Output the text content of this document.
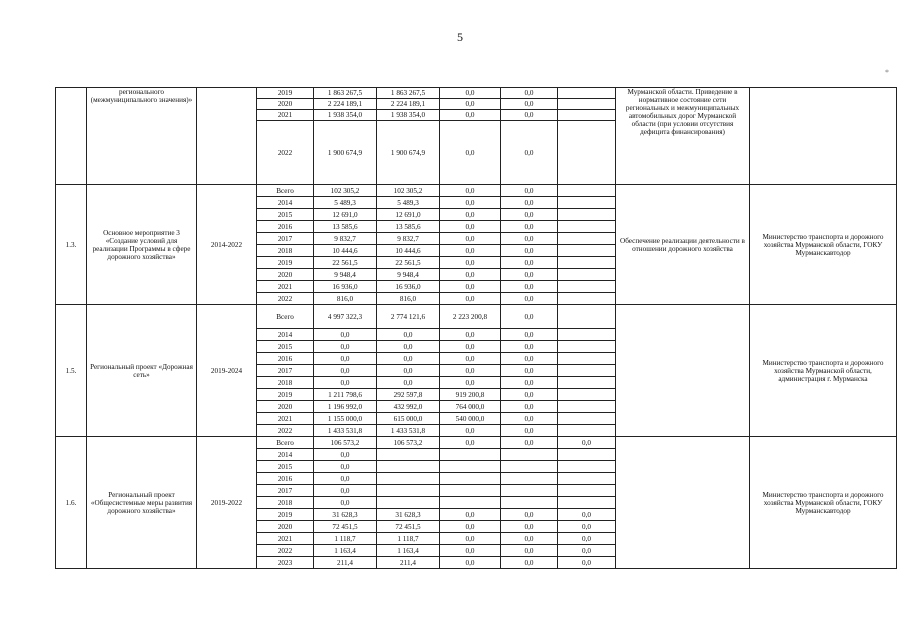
5
*
	регионального (межмуниципального значения)»		2019	1 863 267,5	1 863 267,5	0,0	0,0		Мурманской области. Приведение в нормативное состояние сети региональных и межмуниципальных автомобильных дорог Мурманской области (при условии отсутствия дефицита финансирования)	
			2020	2 224 189,1	2 224 189,1	0,0	0,0			
			2021	1 938 354,0	1 938 354,0	0,0	0,0			
			2022	1 900 674,9	1 900 674,9	0,0	0,0			
1.3.	Основное мероприятие 3 «Создание условий для реализации Программы в сфере дорожного хозяйства»	2014-2022	Всего	102 305,2	102 305,2	0,0	0,0		Обеспечение реализации деятельности в отношении дорожного хозяйства	Министерство транспорта и дорожного хозяйства Мурманской области, ГОКУ Мурманскавтодор
			2014	5 489,3	5 489,3	0,0	0,0			
			2015	12 691,0	12 691,0	0,0	0,0			
			2016	13 585,6	13 585,6	0,0	0,0			
			2017	9 832,7	9 832,7	0,0	0,0			
			2018	10 444,6	10 444,6	0,0	0,0			
			2019	22 561,5	22 561,5	0,0	0,0			
			2020	9 948,4	9 948,4	0,0	0,0			
			2021	16 936,0	16 936,0	0,0	0,0			
			2022	816,0	816,0	0,0	0,0			
1.5.	Региональный проект «Дорожная сеть»	2019-2024	Всего	4 997 322,3	2 774 121,6	2 223 200,8	0,0			Министерство транспорта и дорожного хозяйства Мурманской области, администрация г. Мурманска
			2014	0,0	0,0	0,0	0,0			
			2015	0,0	0,0	0,0	0,0			
			2016	0,0	0,0	0,0	0,0			
			2017	0,0	0,0	0,0	0,0			
			2018	0,0	0,0	0,0	0,0			
			2019	1 211 798,6	292 597,8	919 200,8	0,0			
			2020	1 196 992,0	432 992,0	764 000,0	0,0			
			2021	1 155 000,0	615 000,0	540 000,0	0,0			
			2022	1 433 531,8	1 433 531,8	0,0	0,0			
1.6.	Региональный проект «Общесистемные меры развития дорожного хозяйства»	2019-2022	Всего	106 573,2	106 573,2	0,0	0,0	0,0		Министерство транспорта и дорожного хозяйства Мурманской области, ГОКУ Мурманскавтодор
			2014	0,0						
			2015	0,0						
			2016	0,0						
			2017	0,0						
			2018	0,0						
			2019	31 628,3	31 628,3	0,0	0,0	0,0		
			2020	72 451,5	72 451,5	0,0	0,0	0,0		
			2021	1 118,7	1 118,7	0,0	0,0	0,0		
			2022	1 163,4	1 163,4	0,0	0,0	0,0		
			2023	211,4	211,4	0,0	0,0	0,0		
